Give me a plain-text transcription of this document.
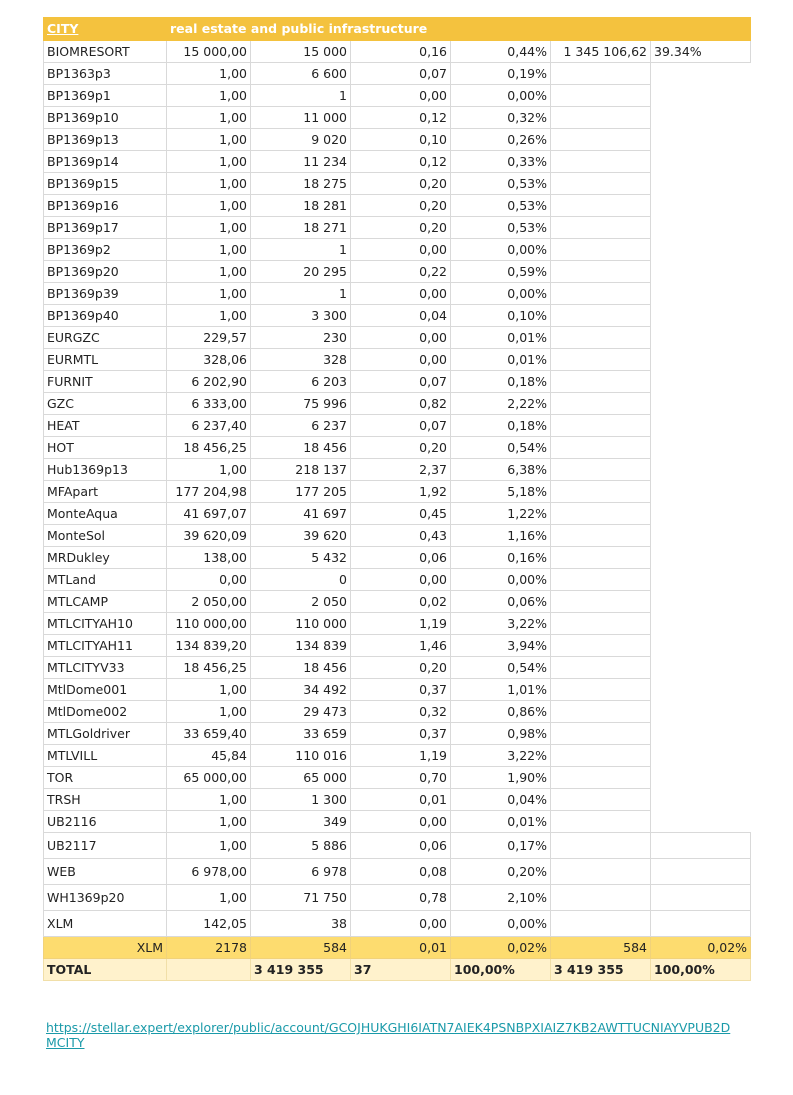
CITY	real estate and public infrastructure					
BIOMRESORT	15 000,00	15 000	0,16	0,44%	1 345 106,62	39.34%
BP1363p3	1,00	6 600	0,07	0,19%		
BP1369p1	1,00	1	0,00	0,00%		
BP1369p10	1,00	11 000	0,12	0,32%		
BP1369p13	1,00	9 020	0,10	0,26%		
BP1369p14	1,00	11 234	0,12	0,33%		
BP1369p15	1,00	18 275	0,20	0,53%		
BP1369p16	1,00	18 281	0,20	0,53%		
BP1369p17	1,00	18 271	0,20	0,53%		
BP1369p2	1,00	1	0,00	0,00%		
BP1369p20	1,00	20 295	0,22	0,59%		
BP1369p39	1,00	1	0,00	0,00%		
BP1369p40	1,00	3 300	0,04	0,10%		
EURGZC	229,57	230	0,00	0,01%		
EURMTL	328,06	328	0,00	0,01%		
FURNIT	6 202,90	6 203	0,07	0,18%		
GZC	6 333,00	75 996	0,82	2,22%		
HEAT	6 237,40	6 237	0,07	0,18%		
HOT	18 456,25	18 456	0,20	0,54%		
Hub1369p13	1,00	218 137	2,37	6,38%		
MFApart	177 204,98	177 205	1,92	5,18%		
MonteAqua	41 697,07	41 697	0,45	1,22%		
MonteSol	39 620,09	39 620	0,43	1,16%		
MRDukley	138,00	5 432	0,06	0,16%		
MTLand	0,00	0	0,00	0,00%		
MTLCAMP	2 050,00	2 050	0,02	0,06%		
MTLCITYAH10	110 000,00	110 000	1,19	3,22%		
MTLCITYAH11	134 839,20	134 839	1,46	3,94%		
MTLCITYV33	18 456,25	18 456	0,20	0,54%		
MtlDome001	1,00	34 492	0,37	1,01%		
MtlDome002	1,00	29 473	0,32	0,86%		
MTLGoldriver	33 659,40	33 659	0,37	0,98%		
MTLVILL	45,84	110 016	1,19	3,22%		
TOR	65 000,00	65 000	0,70	1,90%		
TRSH	1,00	1 300	0,01	0,04%		
UB2116	1,00	349	0,00	0,01%		
UB2117	1,00	5 886	0,06	0,17%		
WEB	6 978,00	6 978	0,08	0,20%		
WH1369p20	1,00	71 750	0,78	2,10%		
XLM	142,05	38	0,00	0,00%		
XLM	2178	584	0,01	0,02%	584	0,02%
TOTAL		3 419 355	37	100,00%	3 419 355	100,00%
https://stellar.expert/explorer/public/account/GCOJHUKGHI6IATN7AIEK4PSNBPXIAIZ7KB2AWTTUCNIAYVPUB2DMCITY
